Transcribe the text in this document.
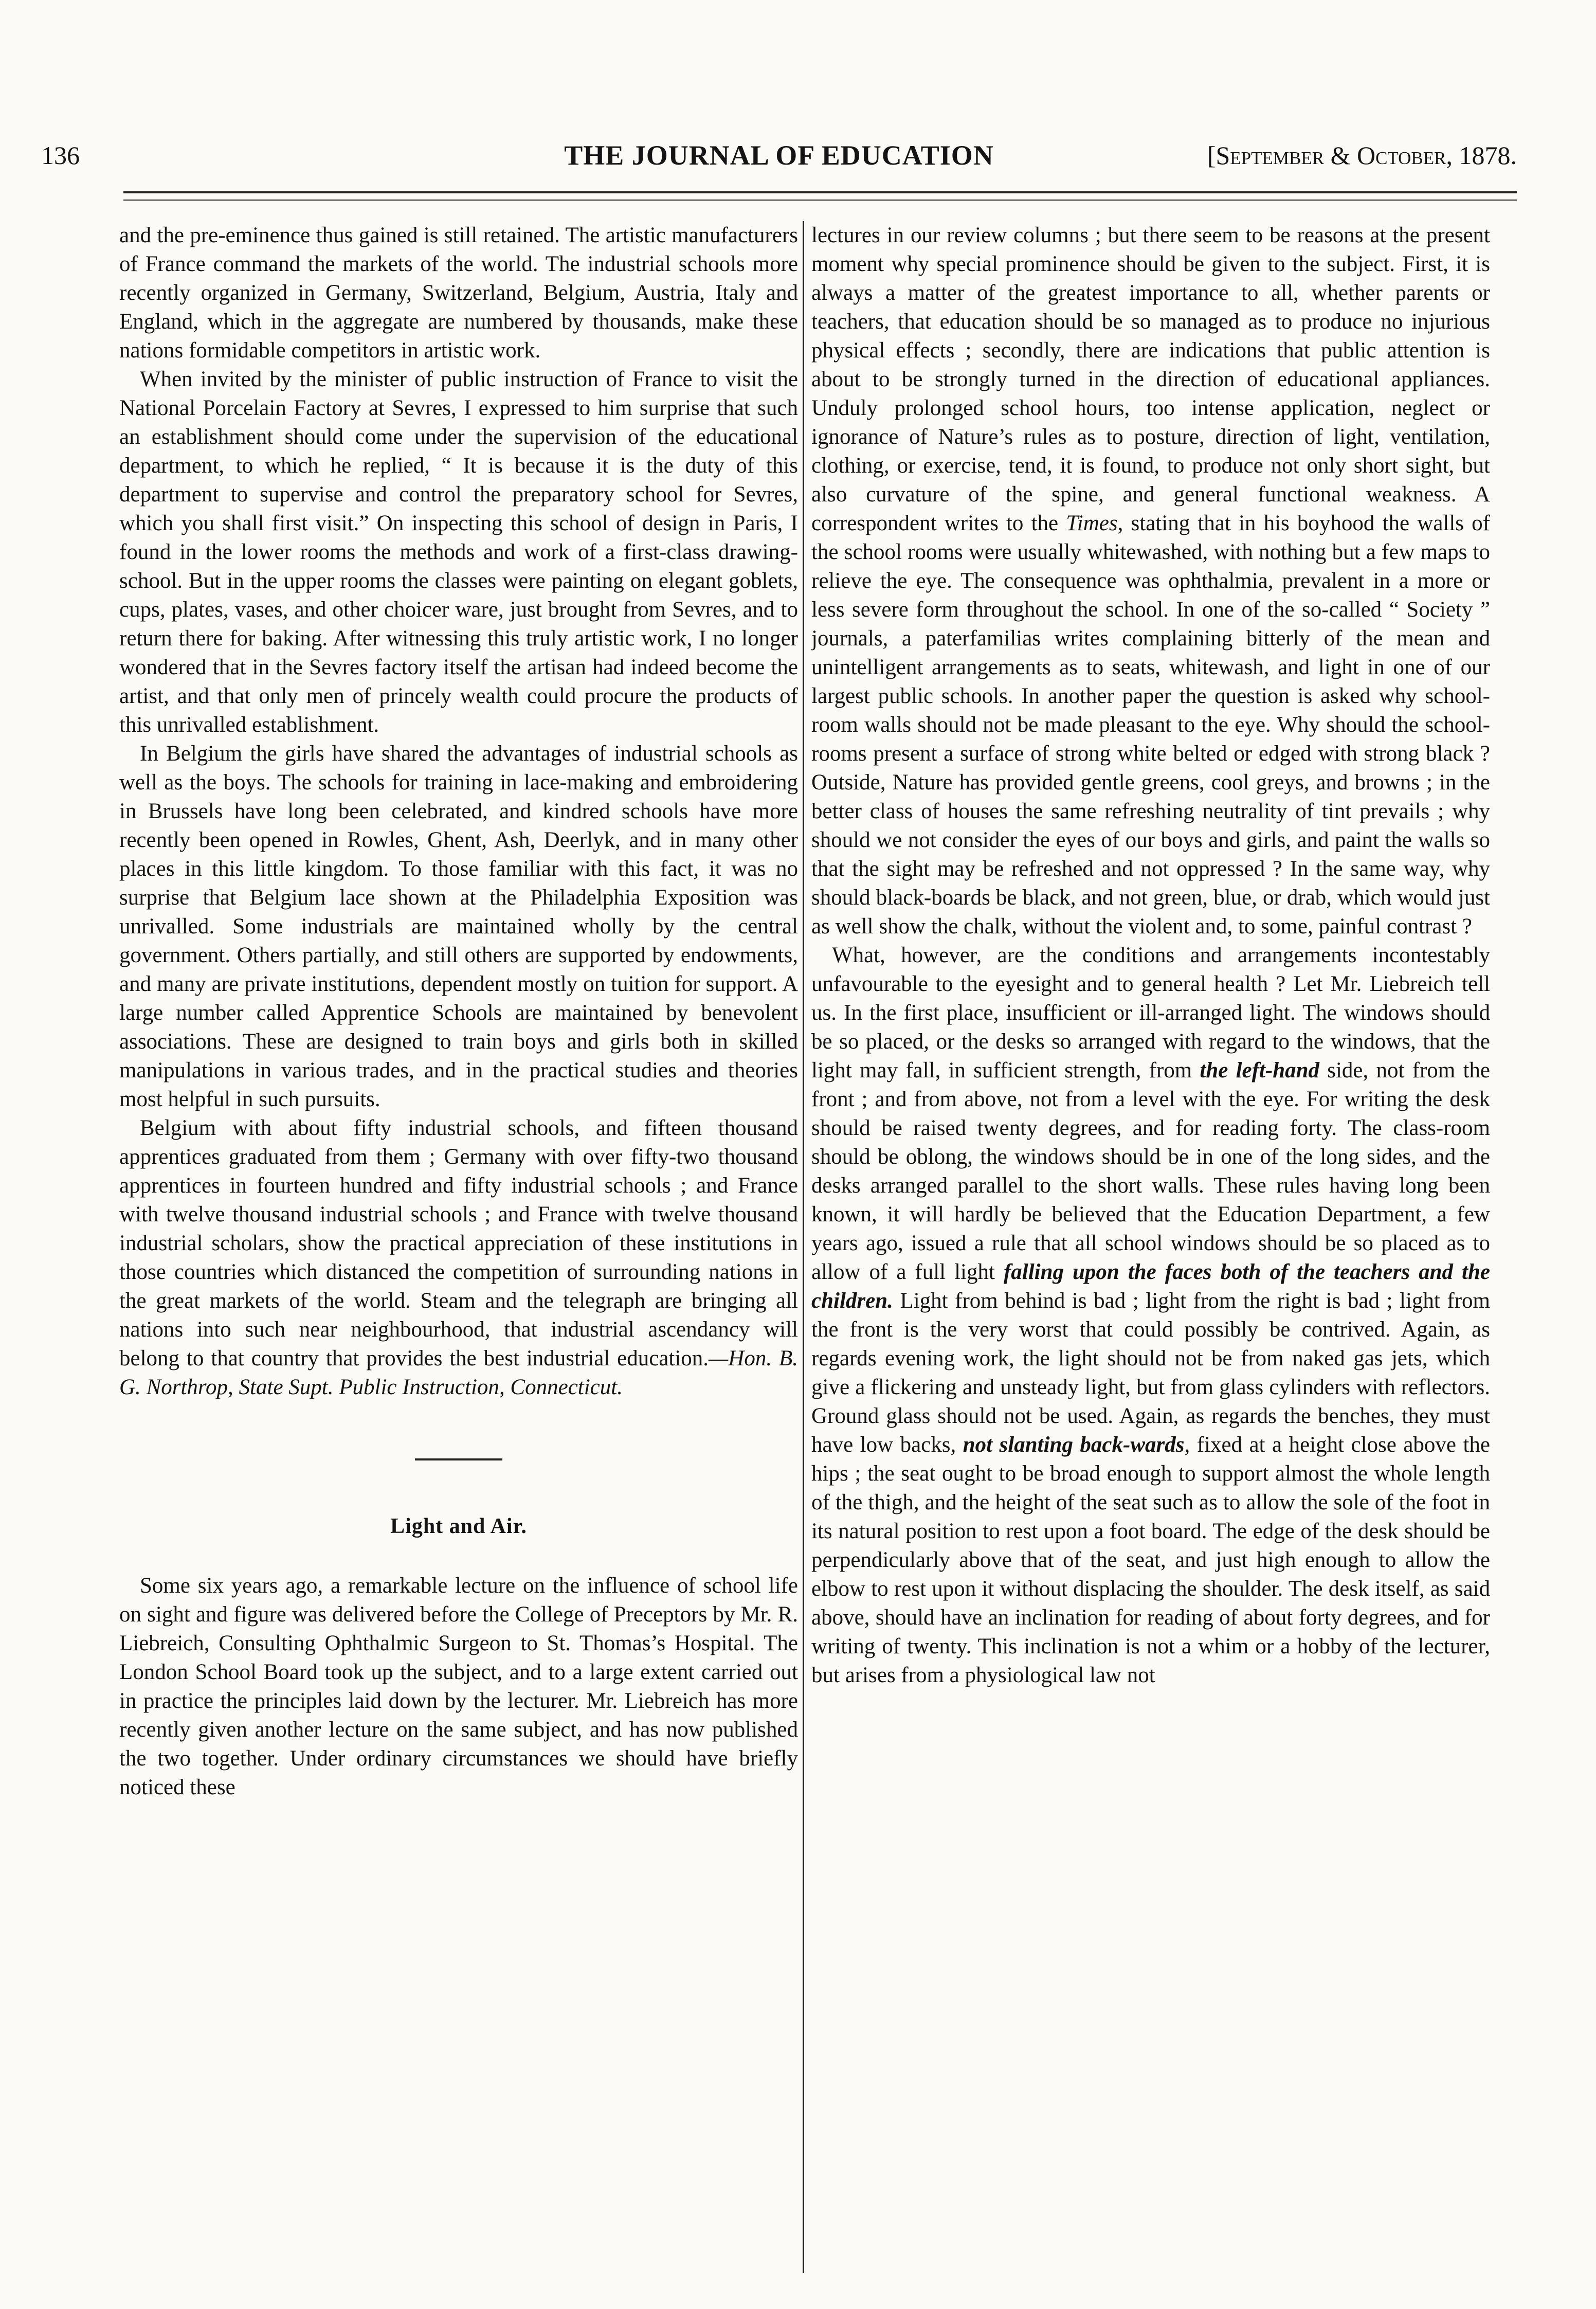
136	THE JOURNAL OF EDUCATION	[September & October, 1878.

and the pre-eminence thus gained is still retained. The artistic manufacturers of France command the markets of the world. The industrial schools more recently organized in Germany, Switzerland, Belgium, Austria, Italy and England, which in the aggregate are numbered by thousands, make these nations formidable competitors in artistic work.

When invited by the minister of public instruction of France to visit the National Porcelain Factory at Sevres, I expressed to him surprise that such an establishment should come under the supervision of the educational department, to which he replied, “ It is because it is the duty of this department to supervise and control the preparatory school for Sevres, which you shall first visit.” On inspecting this school of design in Paris, I found in the lower rooms the methods and work of a first-class drawing-school. But in the upper rooms the classes were painting on elegant goblets, cups, plates, vases, and other choicer ware, just brought from Sevres, and to return there for baking. After witnessing this truly artistic work, I no longer wondered that in the Sevres factory itself the artisan had indeed become the artist, and that only men of princely wealth could procure the products of this unrivalled establishment.

In Belgium the girls have shared the advantages of industrial schools as well as the boys. The schools for training in lace-making and embroidering in Brussels have long been celebrated, and kindred schools have more recently been opened in Rowles, Ghent, Ash, Deerlyk, and in many other places in this little kingdom. To those familiar with this fact, it was no surprise that Belgium lace shown at the Philadelphia Exposition was unrivalled. Some industrials are maintained wholly by the central government. Others partially, and still others are supported by endowments, and many are private institutions, dependent mostly on tuition for support. A large number called Apprentice Schools are maintained by benevolent associations. These are designed to train boys and girls both in skilled manipulations in various trades, and in the practical studies and theories most helpful in such pursuits.

Belgium with about fifty industrial schools, and fifteen thousand apprentices graduated from them ; Germany with over fifty-two thousand apprentices in fourteen hundred and fifty industrial schools ; and France with twelve thousand industrial schools ; and France with twelve thousand industrial scholars, show the practical appreciation of these institutions in those countries which distanced the competition of surrounding nations in the great markets of the world. Steam and the telegraph are bringing all nations into such near neighbourhood, that industrial ascendancy will belong to that country that provides the best industrial education.—Hon. B. G. Northrop, State Supt. Public Instruction, Connecticut.

Light and Air.

Some six years ago, a remarkable lecture on the influence of school life on sight and figure was delivered before the College of Preceptors by Mr. R. Liebreich, Consulting Ophthalmic Surgeon to St. Thomas’s Hospital. The London School Board took up the subject, and to a large extent carried out in practice the principles laid down by the lecturer. Mr. Liebreich has more recently given another lecture on the same subject, and has now published the two together. Under ordinary circumstances we should have briefly noticed these

lectures in our review columns ; but there seem to be reasons at the present moment why special prominence should be given to the subject. First, it is always a matter of the greatest importance to all, whether parents or teachers, that education should be so managed as to produce no injurious physical effects ; secondly, there are indications that public attention is about to be strongly turned in the direction of educational appliances. Unduly prolonged school hours, too intense application, neglect or ignorance of Nature’s rules as to posture, direction of light, ventilation, clothing, or exercise, tend, it is found, to produce not only short sight, but also curvature of the spine, and general functional weakness. A correspondent writes to the Times, stating that in his boyhood the walls of the school rooms were usually whitewashed, with nothing but a few maps to relieve the eye. The consequence was ophthalmia, prevalent in a more or less severe form throughout the school. In one of the so-called “ Society ” journals, a paterfamilias writes complaining bitterly of the mean and unintelligent arrangements as to seats, whitewash, and light in one of our largest public schools. In another paper the question is asked why school-room walls should not be made pleasant to the eye. Why should the school-rooms present a surface of strong white belted or edged with strong black ? Outside, Nature has provided gentle greens, cool greys, and browns ; in the better class of houses the same refreshing neutrality of tint prevails ; why should we not consider the eyes of our boys and girls, and paint the walls so that the sight may be refreshed and not oppressed ? In the same way, why should black-boards be black, and not green, blue, or drab, which would just as well show the chalk, without the violent and, to some, painful contrast ?

What, however, are the conditions and arrangements incontestably unfavourable to the eyesight and to general health ? Let Mr. Liebreich tell us. In the first place, insufficient or ill-arranged light. The windows should be so placed, or the desks so arranged with regard to the windows, that the light may fall, in sufficient strength, from the left-hand side, not from the front ; and from above, not from a level with the eye. For writing the desk should be raised twenty degrees, and for reading forty. The class-room should be oblong, the windows should be in one of the long sides, and the desks arranged parallel to the short walls. These rules having long been known, it will hardly be believed that the Education Department, a few years ago, issued a rule that all school windows should be so placed as to allow of a full light falling upon the faces both of the teachers and the children. Light from behind is bad ; light from the right is bad ; light from the front is the very worst that could possibly be contrived. Again, as regards evening work, the light should not be from naked gas jets, which give a flickering and unsteady light, but from glass cylinders with reflectors. Ground glass should not be used. Again, as regards the benches, they must have low backs, not slanting back-wards, fixed at a height close above the hips ; the seat ought to be broad enough to support almost the whole length of the thigh, and the height of the seat such as to allow the sole of the foot in its natural position to rest upon a foot board. The edge of the desk should be perpendicularly above that of the seat, and just high enough to allow the elbow to rest upon it without displacing the shoulder. The desk itself, as said above, should have an inclination for reading of about forty degrees, and for writing of twenty. This inclination is not a whim or a hobby of the lecturer, but arises from a physiological law not
